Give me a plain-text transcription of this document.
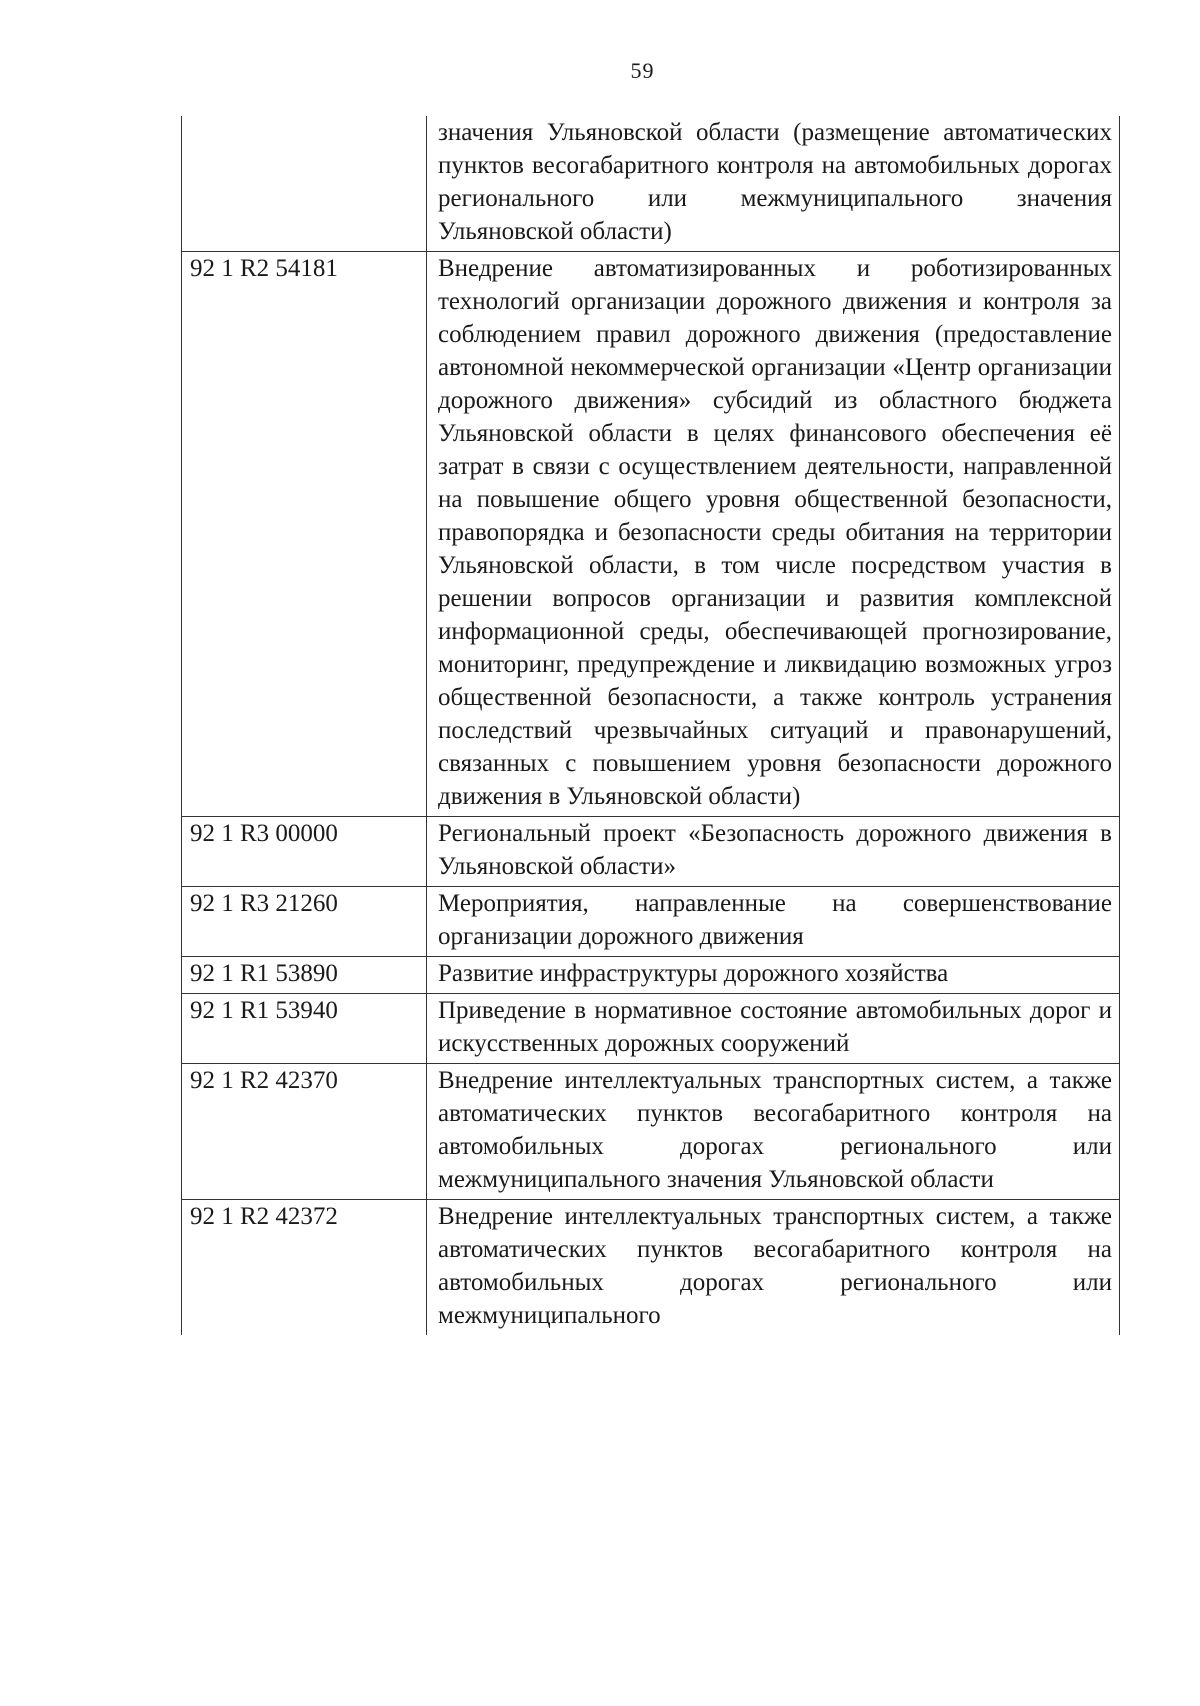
59
	значения Ульяновской области (размещение автоматических пунктов весогабаритного контроля на автомобильных дорогах регионального или межмуниципального значения Ульяновской области)
92 1 R2 54181	Внедрение автоматизированных и роботизированных технологий организации дорожного движения и контроля за соблюдением правил дорожного движения (предоставление автономной некоммерческой организации «Центр организации дорожного движения» субсидий из областного бюджета Ульяновской области в целях финансового обеспечения её затрат в связи с осуществлением деятельности, направленной на повышение общего уровня общественной безопасности, правопорядка и безопасности среды обитания на территории Ульяновской области, в том числе посредством участия в решении вопросов организации и развития комплексной информационной среды, обеспечивающей прогнозирование, мониторинг, предупреждение и ликвидацию возможных угроз общественной безопасности, а также контроль устранения последствий чрезвычайных ситуаций и правонарушений, связанных с повышением уровня безопасности дорожного движения в Ульяновской области)
92 1 R3 00000	Региональный проект «Безопасность дорожного движения в Ульяновской области»
92 1 R3 21260	Мероприятия, направленные на совершенствование организации дорожного движения
92 1 R1 53890	Развитие инфраструктуры дорожного хозяйства
92 1 R1 53940	Приведение в нормативное состояние автомобильных дорог и искусственных дорожных сооружений
92 1 R2 42370	Внедрение интеллектуальных транспортных систем, а также автоматических пунктов весогабаритного контроля на автомобильных дорогах регионального или межмуниципального значения Ульяновской области
92 1 R2 42372	Внедрение интеллектуальных транспортных систем, а также автоматических пунктов весогабаритного контроля на автомобильных дорогах регионального или межмуниципального
